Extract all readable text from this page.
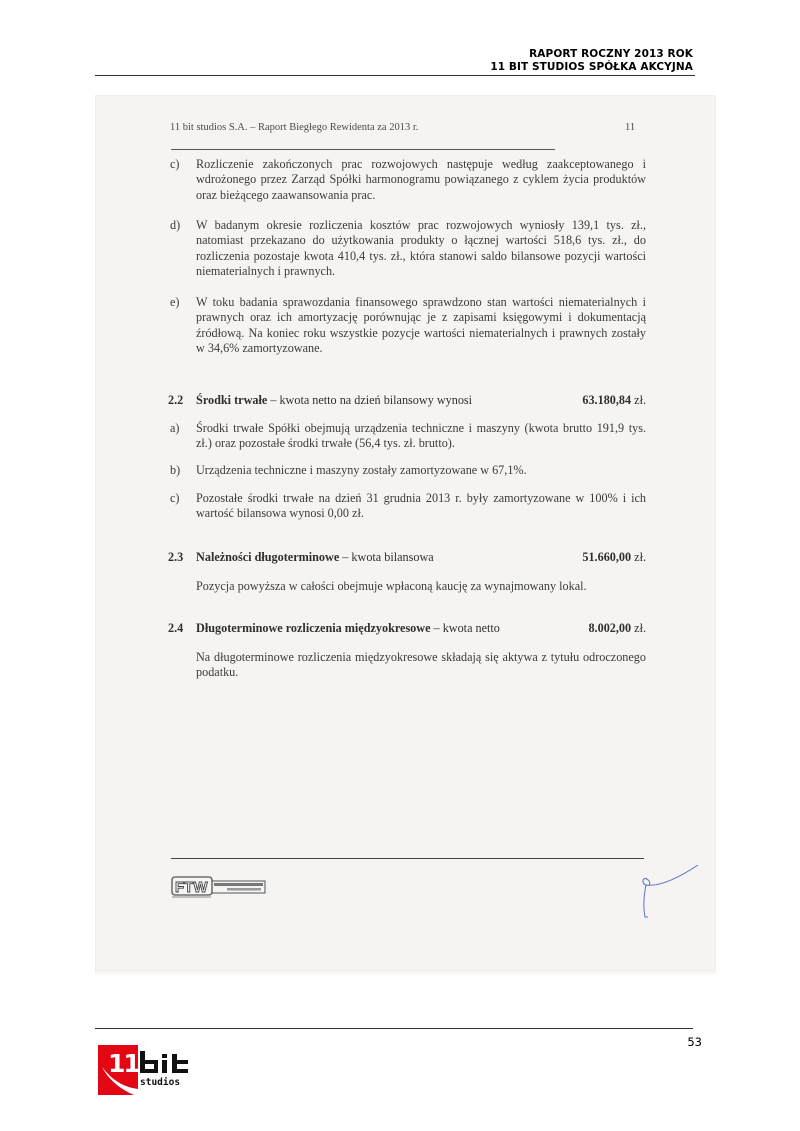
RAPORT ROCZNY 2013 ROK
11 BIT STUDIOS SPÓŁKA AKCYJNA
11 bit studios S.A. – Raport Biegłego Rewidenta za 2013 r.	11
c) Rozliczenie zakończonych prac rozwojowych następuje według zaakceptowanego i wdrożonego przez Zarząd Spółki harmonogramu powiązanego z cyklem życia produktów oraz bieżącego zaawansowania prac.
d) W badanym okresie rozliczenia kosztów prac rozwojowych wyniosły 139,1 tys. zł., natomiast przekazano do użytkowania produkty o łącznej wartości 518,6 tys. zł., do rozliczenia pozostaje kwota 410,4 tys. zł., która stanowi saldo bilansowe pozycji wartości niematerialnych i prawnych.
e) W toku badania sprawozdania finansowego sprawdzono stan wartości niematerialnych i prawnych oraz ich amortyzację porównując je z zapisami księgowymi i dokumentacją źródłową. Na koniec roku wszystkie pozycje wartości niematerialnych i prawnych zostały w 34,6% zamortyzowane.
2.2 Środki trwałe – kwota netto na dzień bilansowy wynosi	63.180,84 zł.
a) Środki trwałe Spółki obejmują urządzenia techniczne i maszyny (kwota brutto 191,9 tys. zł.) oraz pozostałe środki trwałe (56,4 tys. zł. brutto).
b) Urządzenia techniczne i maszyny zostały zamortyzowane w 67,1%.
c) Pozostałe środki trwałe na dzień 31 grudnia 2013 r. były zamortyzowane w 100% i ich wartość bilansowa wynosi 0,00 zł.
2.3 Należności długoterminowe – kwota bilansowa	51.660,00 zł.
Pozycja powyższa w całości obejmuje wpłaconą kaucję za wynajmowany lokal.
2.4 Długoterminowe rozliczenia międzyokresowe – kwota netto	8.002,00 zł.
Na długoterminowe rozliczenia międzyokresowe składają się aktywa z tytułu odroczonego podatku.
FTW
53
11
studios
